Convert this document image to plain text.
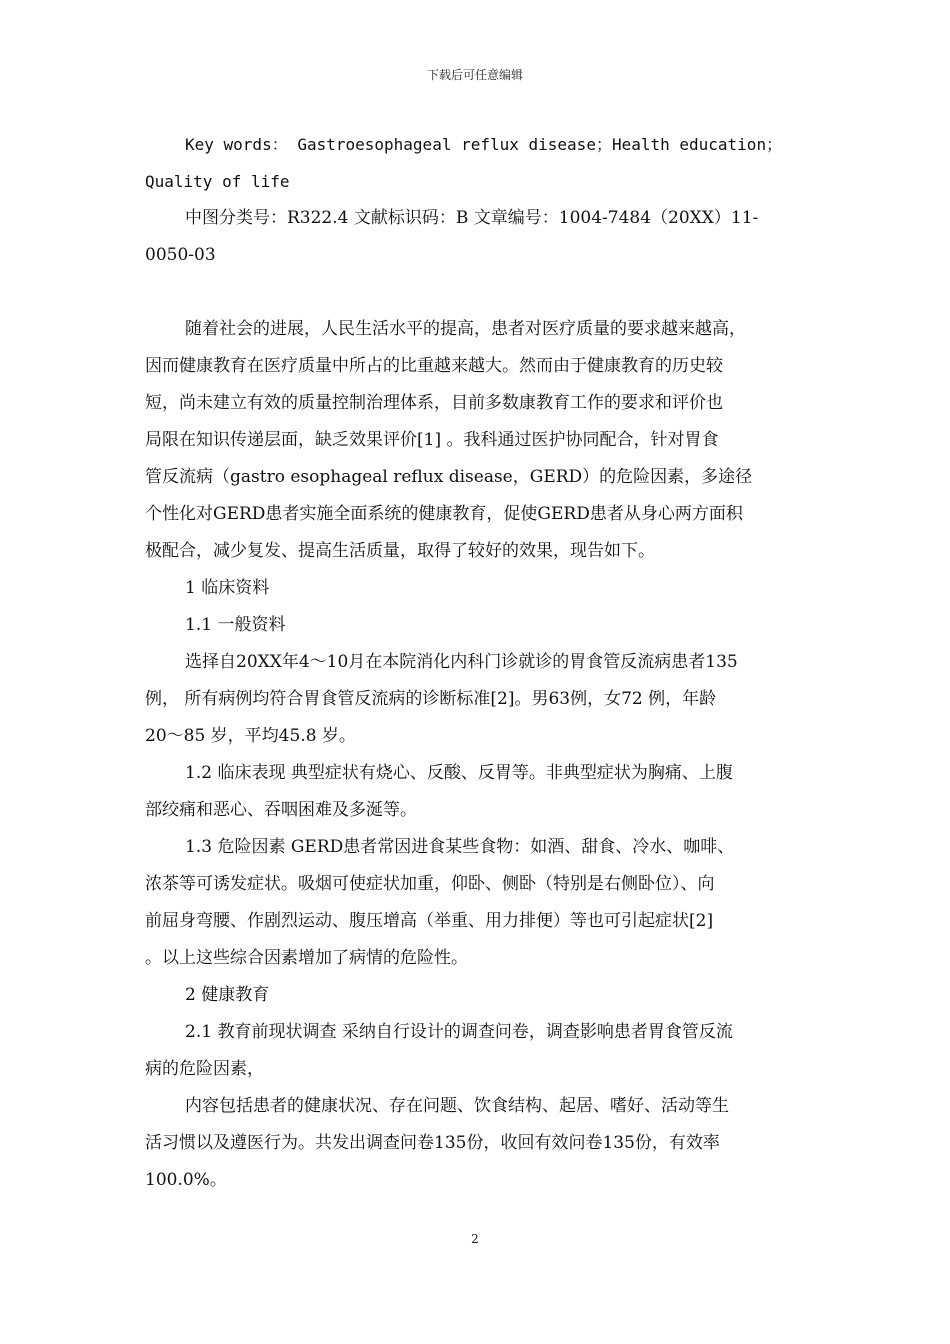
下载后可任意编辑
Key words： Gastroesophageal reflux disease；Health education；
Quality of life
中图分类号：R322.4 文献标识码：B 文章编号：1004-7484（20XX）11-
0050-03
随着社会的进展，人民生活水平的提高，患者对医疗质量的要求越来越高，
因而健康教育在医疗质量中所占的比重越来越大。然而由于健康教育的历史较
短，尚未建立有效的质量控制治理体系，目前多数康教育工作的要求和评价也
局限在知识传递层面，缺乏效果评价[1] 。我科通过医护协同配合，针对胃食
管反流病（gastro esophageal reflux disease，GERD）的危险因素，多途径
个性化对GERD患者实施全面系统的健康教育，促使GERD患者从身心两方面积
极配合，减少复发、提高生活质量，取得了较好的效果，现告如下。
1 临床资料
1.1 一般资料
选择自20XX年4～10月在本院消化内科门诊就诊的胃食管反流病患者135
例， 所有病例均符合胃食管反流病的诊断标准[2]。男63例，女72 例，年龄
20～85 岁，平均45.8 岁。
1.2 临床表现 典型症状有烧心、反酸、反胃等。非典型症状为胸痛、上腹
部绞痛和恶心、吞咽困难及多涎等。
1.3 危险因素 GERD患者常因进食某些食物：如酒、甜食、冷水、咖啡、
浓茶等可诱发症状。吸烟可使症状加重，仰卧、侧卧（特别是右侧卧位）、向
前屈身弯腰、作剧烈运动、腹压增高（举重、用力排便）等也可引起症状[2]
。以上这些综合因素增加了病情的危险性。
2 健康教育
2.1 教育前现状调查 采纳自行设计的调查问卷，调查影响患者胃食管反流
病的危险因素，
内容包括患者的健康状况、存在问题、饮食结构、起居、嗜好、活动等生
活习惯以及遵医行为。共发出调查问卷135份，收回有效问卷135份，有效率
100.0%。
2
